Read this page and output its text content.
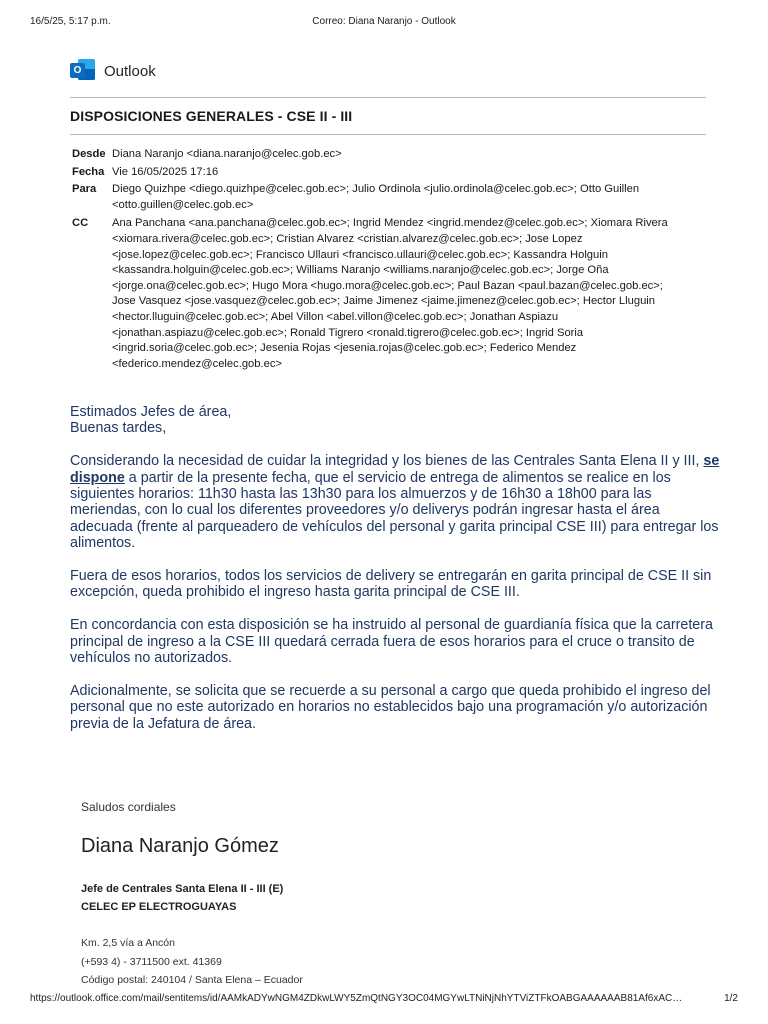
16/5/25, 5:17 p.m.	Correo: Diana Naranjo - Outlook
O Outlook
DISPOSICIONES GENERALES - CSE II - III
Desde Diana Naranjo <diana.naranjo@celec.gob.ec>
Fecha Vie 16/05/2025 17:16
Para	Diego Quizhpe <diego.quizhpe@celec.gob.ec>; Julio Ordinola <julio.ordinola@celec.gob.ec>; Otto Guillen <otto.guillen@celec.gob.ec>
CC	Ana Panchana <ana.panchana@celec.gob.ec>; Ingrid Mendez <ingrid.mendez@celec.gob.ec>; Xiomara Rivera <xiomara.rivera@celec.gob.ec>; Cristian Alvarez <cristian.alvarez@celec.gob.ec>; Jose Lopez <jose.lopez@celec.gob.ec>; Francisco Ullauri <francisco.ullauri@celec.gob.ec>; Kassandra Holguin <kassandra.holguin@celec.gob.ec>; Williams Naranjo <williams.naranjo@celec.gob.ec>; Jorge Oña <jorge.ona@celec.gob.ec>; Hugo Mora <hugo.mora@celec.gob.ec>; Paul Bazan <paul.bazan@celec.gob.ec>; Jose Vasquez <jose.vasquez@celec.gob.ec>; Jaime Jimenez <jaime.jimenez@celec.gob.ec>; Hector Lluguin <hector.lluguin@celec.gob.ec>; Abel Villon <abel.villon@celec.gob.ec>; Jonathan Aspiazu <jonathan.aspiazu@celec.gob.ec>; Ronald Tigrero <ronald.tigrero@celec.gob.ec>; Ingrid Soria <ingrid.soria@celec.gob.ec>; Jesenia Rojas <jesenia.rojas@celec.gob.ec>; Federico Mendez <federico.mendez@celec.gob.ec>

Estimados Jefes de área,
Buenas tardes,

Considerando la necesidad de cuidar la integridad y los bienes de las Centrales Santa Elena II y III, se dispone a partir de la presente fecha, que el servicio de entrega de alimentos se realice en los siguientes horarios: 11h30 hasta las 13h30 para los almuerzos y de 16h30 a 18h00 para las meriendas, con lo cual los diferentes proveedores y/o deliverys podrán ingresar hasta el área adecuada (frente al parqueadero de vehículos del personal y garita principal CSE III) para entregar los alimentos.

Fuera de esos horarios, todos los servicios de delivery se entregarán en garita principal de CSE II sin excepción, queda prohibido el ingreso hasta garita principal de CSE III.

En concordancia con esta disposición se ha instruido al personal de guardianía física que la carretera principal de ingreso a la CSE III quedará cerrada fuera de esos horarios para el cruce o transito de vehículos no autorizados.

Adicionalmente, se solicita que se recuerde a su personal a cargo que queda prohibido el ingreso del personal que no este autorizado en horarios no establecidos bajo una programación y/o autorización previa de la Jefatura de área.

Saludos cordiales
Diana Naranjo Gómez
Jefe de Centrales Santa Elena II - III (E)
CELEC EP ELECTROGUAYAS
Km. 2,5 vía a Ancón
(+593 4) - 3711500 ext. 41369
Código postal: 240104 / Santa Elena – Ecuador
https://outlook.office.com/mail/sentitems/id/AAMkADYwNGM4ZDkwLWY5ZmQtNGY3OC04MGYwLTNiNjNhYTViZTFkOABGAAAAAAB81Af6xAC…	1/2
